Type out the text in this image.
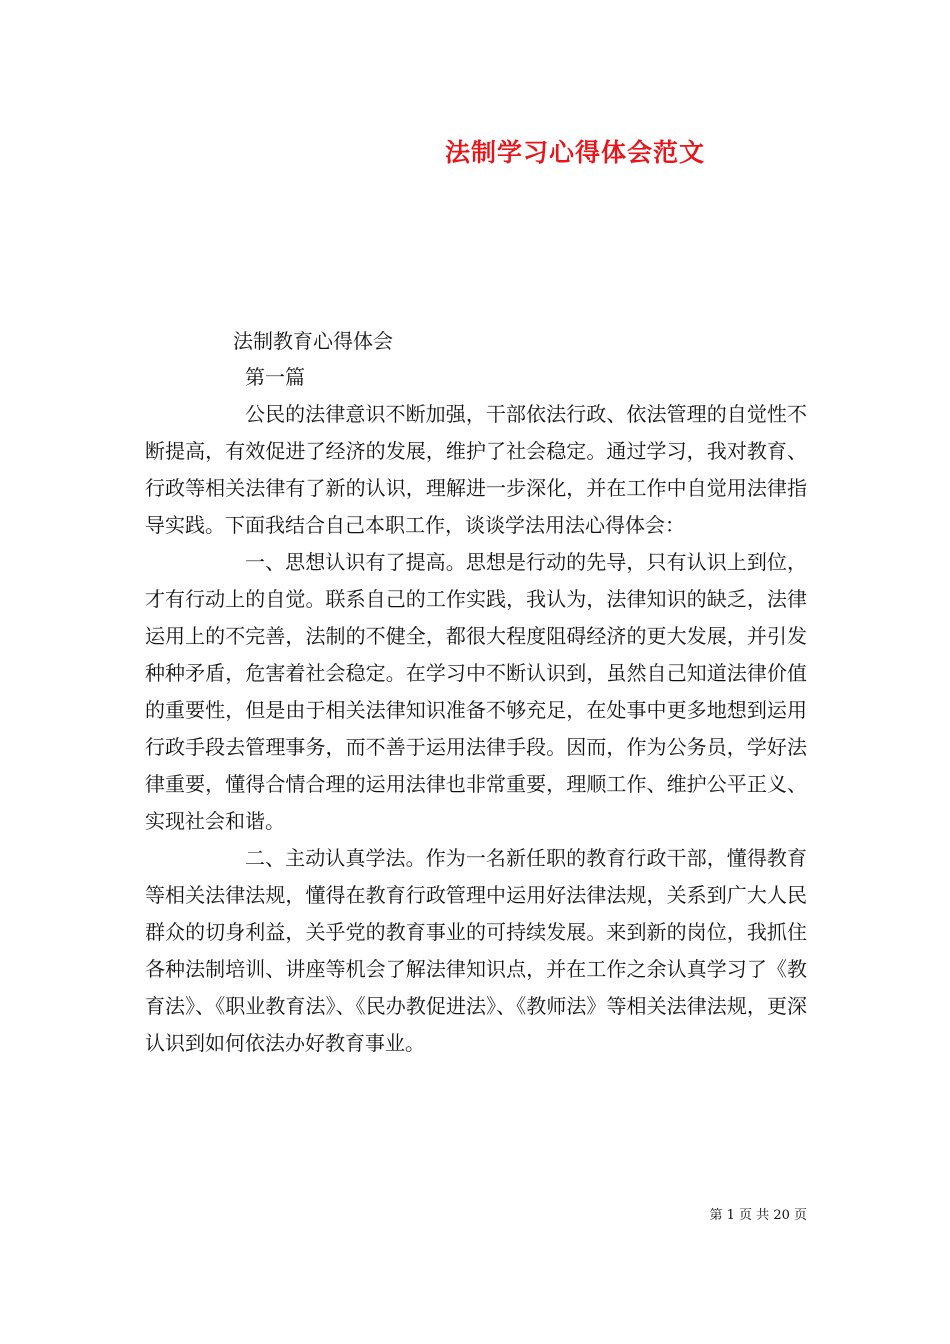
法制学习心得体会范文

法制教育心得体会

第一篇

公民的法律意识不断加强，干部依法行政、依法管理的自觉性不断提高，有效促进了经济的发展，维护了社会稳定。通过学习，我对教育、行政等相关法律有了新的认识，理解进一步深化，并在工作中自觉用法律指导实践。下面我结合自己本职工作，谈谈学法用法心得体会：

一、思想认识有了提高。思想是行动的先导，只有认识上到位，才有行动上的自觉。联系自己的工作实践，我认为，法律知识的缺乏，法律运用上的不完善，法制的不健全，都很大程度阻碍经济的更大发展，并引发种种矛盾，危害着社会稳定。在学习中不断认识到，虽然自己知道法律价值的重要性，但是由于相关法律知识准备不够充足，在处事中更多地想到运用行政手段去管理事务，而不善于运用法律手段。因而，作为公务员，学好法律重要，懂得合情合理的运用法律也非常重要，理顺工作、维护公平正义、实现社会和谐。

二、主动认真学法。作为一名新任职的教育行政干部，懂得教育等相关法律法规，懂得在教育行政管理中运用好法律法规，关系到广大人民群众的切身利益，关乎党的教育事业的可持续发展。来到新的岗位，我抓住各种法制培训、讲座等机会了解法律知识点，并在工作之余认真学习了《教育法》、《职业教育法》、《民办教促进法》、《教师法》等相关法律法规，更深认识到如何依法办好教育事业。

第 1 页 共 20 页
